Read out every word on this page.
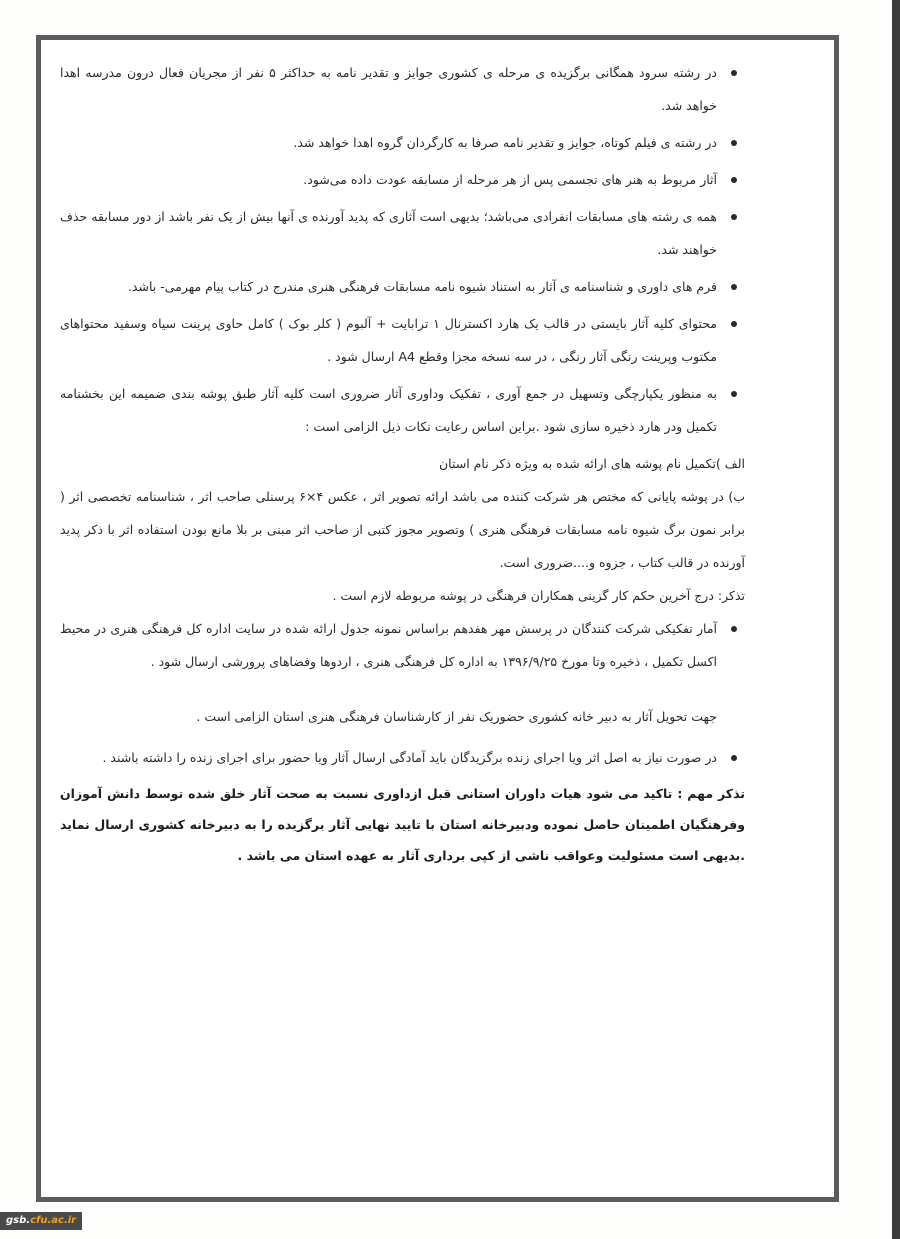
در رشته سرود همگانی برگزیده ی مرحله ی کشوری جوایز و تقدیر نامه به حداکثر ۵ نفر از مجریان فعال درون مدرسه اهدا خواهد شد.
در رشته ی فیلم کوتاه، جوایز و تقدیر نامه صرفا به کارگردان گروه اهدا خواهد شد.
آثار مربوط به هنر های تجسمی پس از هر مرحله از مسابقه عودت داده می‌شود.
همه ی رشته های مسابقات انفرادی می‌باشد؛ بدیهی است آثاری که پدید آورنده ی آنها بیش از یک نفر باشد از دور مسابقه حذف خواهند شد.
فرم های داوری و شناسنامه ی آثار به استناد شیوه نامه مسابقات فرهنگی هنری مندرج در کتاب پیام مهرمی- باشد.
محتوای کلیه آثار بایستی در قالب یک هارد اکسترنال ۱ ترابایت + آلبوم ( کلر بوک ) کامل حاوی پرینت سیاه وسفید محتواهای مکتوب وپرینت رنگی آثار رنگی ، در سه نسخه مجزا وقطع A4 ارسال شود .
به منظور یکپارچگی وتسهیل در جمع آوری ، تفکیک وداوری آثار ضروری است کلیه آثار طبق پوشه بندی ضمیمه این بخشنامه تکمیل ودر هارد ذخیره سازی شود .براین اساس رعایت نکات ذیل الزامی است :

الف )تکمیل نام پوشه های ارائه شده به ویژه ذکر نام استان

ب) در پوشه پایانی که مختص هر شرکت کننده می باشد ارائه تصویر اثر ، عکس ۴×۶ پرسنلی صاحب اثر ، شناسنامه تخصصی اثر ( برابر نمون برگ شیوه نامه مسابقات فرهنگی هنری ) وتصویر مجوز کتبی از صاحب اثر مبنی بر بلا مانع بودن استفاده اثر با ذکر پدید آورنده در قالب کتاب ، جزوه و....ضروری است.

تذکر: درج آخرین حکم کار گزینی همکاران فرهنگی در پوشه مربوطه لازم است .

آمار تفکیکی شرکت کنندگان در پرسش مهر هفدهم براساس نمونه جدول ارائه شده در سایت اداره کل فرهنگی هنری در محیط اکسل تکمیل ، ذخیره وتا مورخ ۱۳۹۶/۹/۲۵ به اداره کل فرهنگی هنری ، اردوها وفضاهای پرورشی ارسال شود .

جهت تحویل آثار به دبیر خانه کشوری حضوریک نفر از کارشناسان فرهنگی هنری استان الزامی است .

در صورت نیاز به اصل اثر ویا اجرای زنده برگزیدگان باید آمادگی ارسال آثار ویا حضور برای اجرای زنده را داشته باشند .

تذکر مهم : تاکید می شود هیات داوران استانی قبل ازداوری نسبت به صحت آثار خلق شده توسط دانش آموزان وفرهنگیان اطمینان حاصل نموده ودبیرخانه استان با تایید نهایی آثار برگزیده را به دبیرخانه کشوری ارسال نماید .بدیهی است مسئولیت وعواقب ناشی از کپی برداری آثار به عهده استان می باشد .

gsb.cfu.ac.ir
